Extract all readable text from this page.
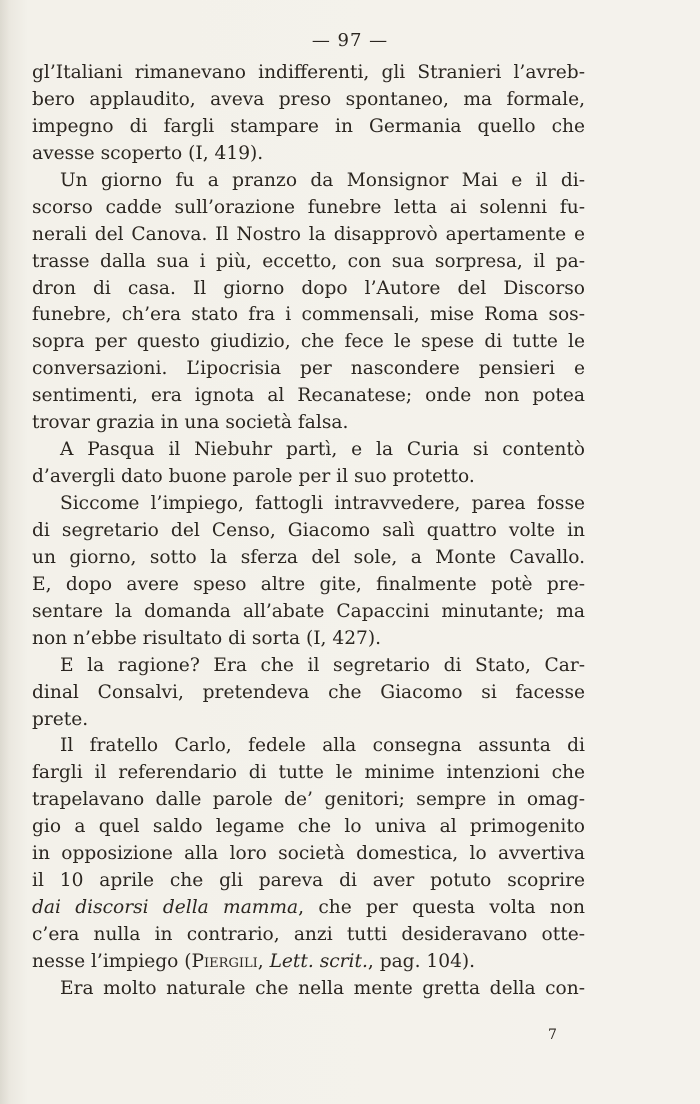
— 97 —
gl’Italiani rimanevano indifferenti, gli Stranieri l’avreb-
bero applaudito, aveva preso spontaneo, ma formale,
impegno di fargli stampare in Germania quello che
avesse scoperto (I, 419).
Un giorno fu a pranzo da Monsignor Mai e il di-
scorso cadde sull’orazione funebre letta ai solenni fu-
nerali del Canova. Il Nostro la disapprovò apertamente e
trasse dalla sua i più, eccetto, con sua sorpresa, il pa-
dron di casa. Il giorno dopo l’Autore del Discorso
funebre, ch’era stato fra i commensali, mise Roma sos-
sopra per questo giudizio, che fece le spese di tutte le
conversazioni. L’ipocrisia per nascondere pensieri e
sentimenti, era ignota al Recanatese; onde non potea
trovar grazia in una società falsa.
A Pasqua il Niebuhr partì, e la Curia si contentò
d’avergli dato buone parole per il suo protetto.
Siccome l’impiego, fattogli intravvedere, parea fosse
di segretario del Censo, Giacomo salì quattro volte in
un giorno, sotto la sferza del sole, a Monte Cavallo.
E, dopo avere speso altre gite, finalmente potè pre-
sentare la domanda all’abate Capaccini minutante; ma
non n’ebbe risultato di sorta (I, 427).
E la ragione? Era che il segretario di Stato, Car-
dinal Consalvi, pretendeva che Giacomo si facesse
prete.
Il fratello Carlo, fedele alla consegna assunta di
fargli il referendario di tutte le minime intenzioni che
trapelavano dalle parole de’ genitori; sempre in omag-
gio a quel saldo legame che lo univa al primogenito
in opposizione alla loro società domestica, lo avvertiva
il 10 aprile che gli pareva di aver potuto scoprire
dai discorsi della mamma, che per questa volta non
c’era nulla in contrario, anzi tutti desideravano otte-
nesse l’impiego (Piergili, Lett. scrit., pag. 104).
Era molto naturale che nella mente gretta della con-
7
